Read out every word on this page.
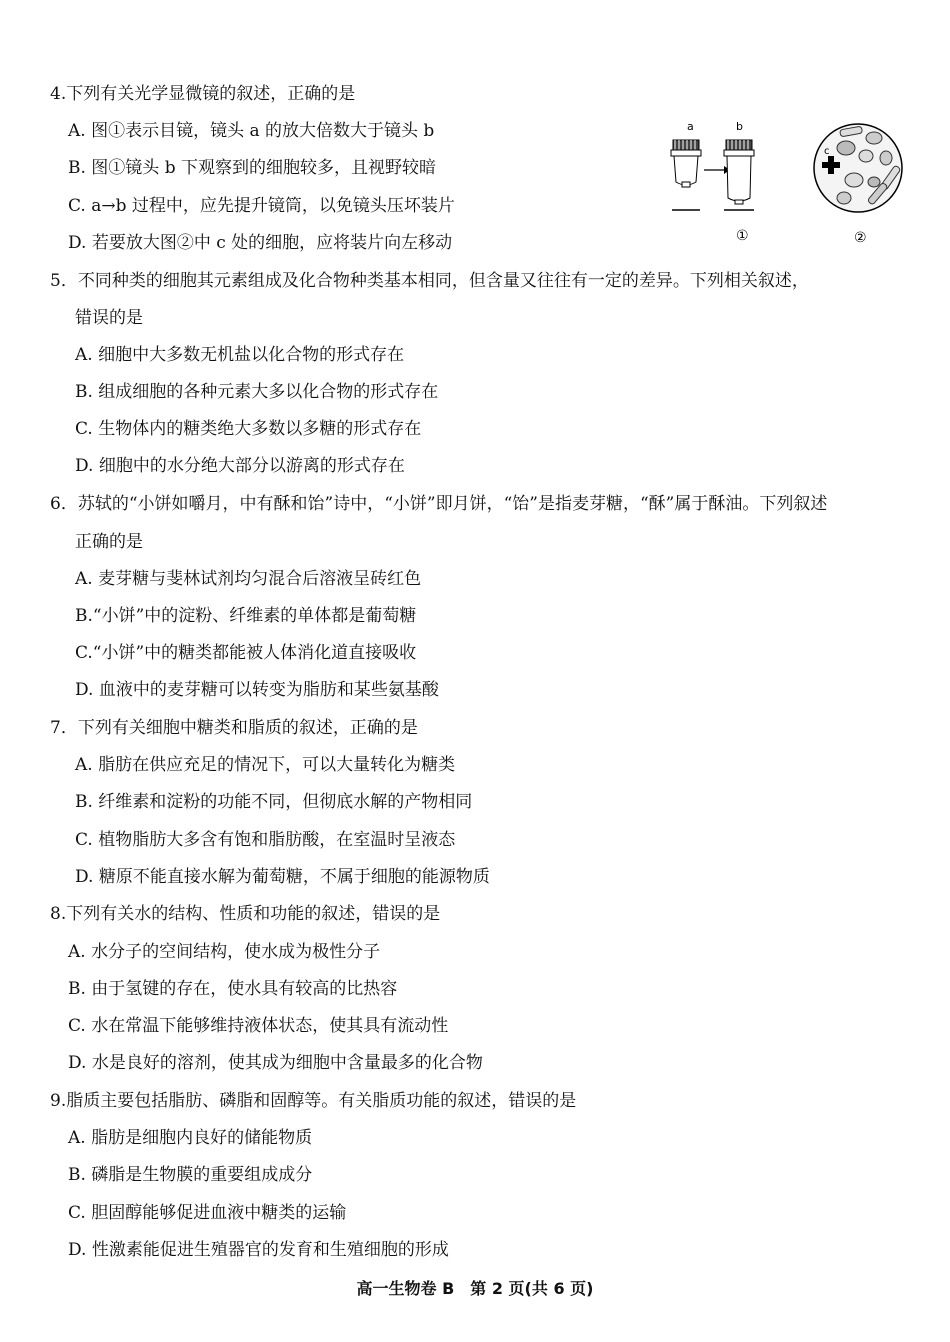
4.下列有关光学显微镜的叙述，正确的是
A. 图①表示目镜，镜头 a 的放大倍数大于镜头 b
B. 图①镜头 b 下观察到的细胞较多，且视野较暗
C. a→b 过程中，应先提升镜筒，以免镜头压坏装片
D. 若要放大图②中 c 处的细胞，应将装片向左移动
a	b
①
c
②
5．不同种类的细胞其元素组成及化合物种类基本相同，但含量又往往有一定的差异。下列相关叙述，
错误的是
A. 细胞中大多数无机盐以化合物的形式存在
B. 组成细胞的各种元素大多以化合物的形式存在
C. 生物体内的糖类绝大多数以多糖的形式存在
D. 细胞中的水分绝大部分以游离的形式存在
6．苏轼的“小饼如嚼月，中有酥和饴”诗中，“小饼”即月饼，“饴”是指麦芽糖，“酥”属于酥油。下列叙述
正确的是
A. 麦芽糖与斐林试剂均匀混合后溶液呈砖红色
B.“小饼”中的淀粉、纤维素的单体都是葡萄糖
C.“小饼”中的糖类都能被人体消化道直接吸收
D. 血液中的麦芽糖可以转变为脂肪和某些氨基酸
7．下列有关细胞中糖类和脂质的叙述，正确的是
A. 脂肪在供应充足的情况下，可以大量转化为糖类
B. 纤维素和淀粉的功能不同，但彻底水解的产物相同
C. 植物脂肪大多含有饱和脂肪酸，在室温时呈液态
D. 糖原不能直接水解为葡萄糖，不属于细胞的能源物质
8.下列有关水的结构、性质和功能的叙述，错误的是
A. 水分子的空间结构，使水成为极性分子
B. 由于氢键的存在，使水具有较高的比热容
C. 水在常温下能够维持液体状态，使其具有流动性
D. 水是良好的溶剂，使其成为细胞中含量最多的化合物
9.脂质主要包括脂肪、磷脂和固醇等。有关脂质功能的叙述，错误的是
A. 脂肪是细胞内良好的储能物质
B. 磷脂是生物膜的重要组成成分
C. 胆固醇能够促进血液中糖类的运输
D. 性激素能促进生殖器官的发育和生殖细胞的形成
高一生物卷 B　第 2 页(共 6 页)
